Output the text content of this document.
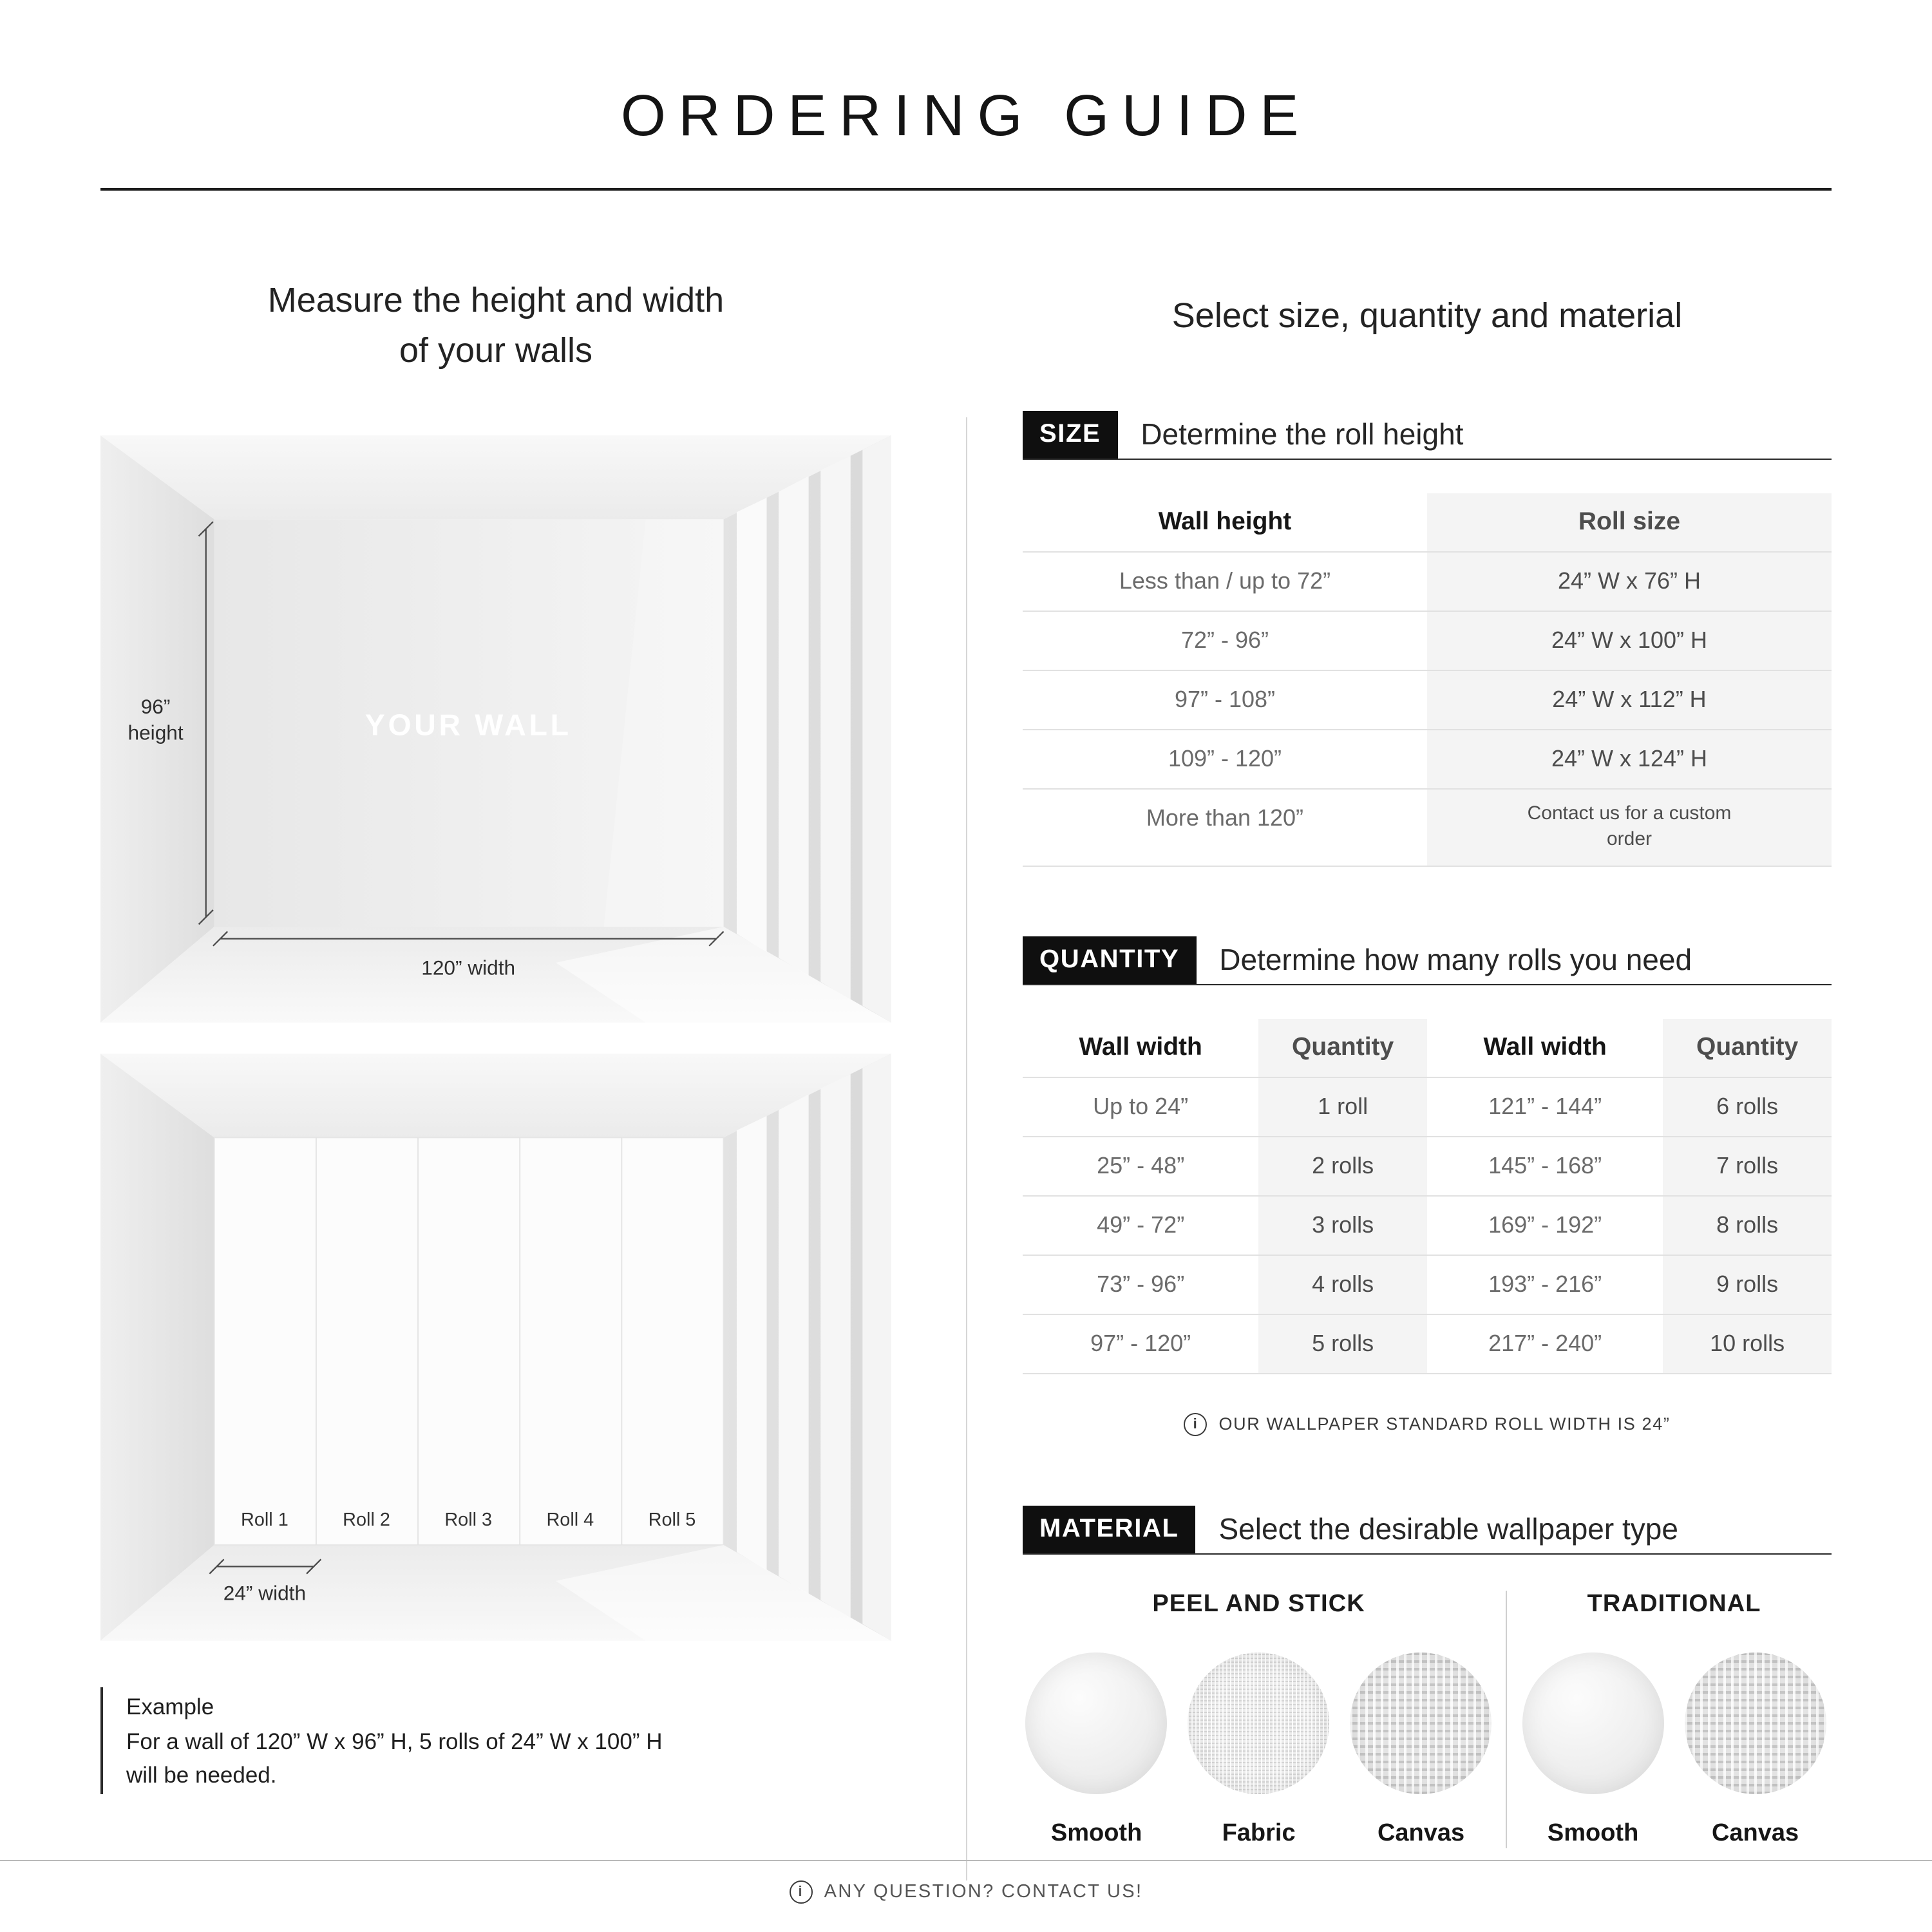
ORDERING GUIDE

Measure the height and width
of your walls

YOUR WALL
96”
height
120” width
Roll 1	Roll 2	Roll 3	Roll 4	Roll 5
24” width

Example

For a wall of 120” W x 96” H, 5 rolls of 24” W x 100” H

will be needed.

Select size, quantity and material

SIZE	Determine the roll height
Wall height	Roll size
Less than / up to 72”	24” W x 76” H
72” - 96”	24” W x 100” H
97” - 108”	24” W x 112” H
109” - 120”	24” W x 124” H
More than 120”	Contact us for a custom order
QUANTITY	Determine how many rolls you need
Wall width	Quantity	Wall width	Quantity
Up to 24”	1 roll	121” - 144”	6 rolls
25” - 48”	2 rolls	145” - 168”	7 rolls
49” - 72”	3 rolls	169” - 192”	8 rolls
73” - 96”	4 rolls	193” - 216”	9 rolls
97” - 120”	5 rolls	217” - 240”	10 rolls
i
OUR WALLPAPER STANDARD ROLL WIDTH IS 24”
MATERIAL	Select the desirable wallpaper type
PEEL AND STICK
Smooth	Fabric	Canvas
TRADITIONAL
Smooth	Canvas
i
ANY QUESTION? CONTACT US!
